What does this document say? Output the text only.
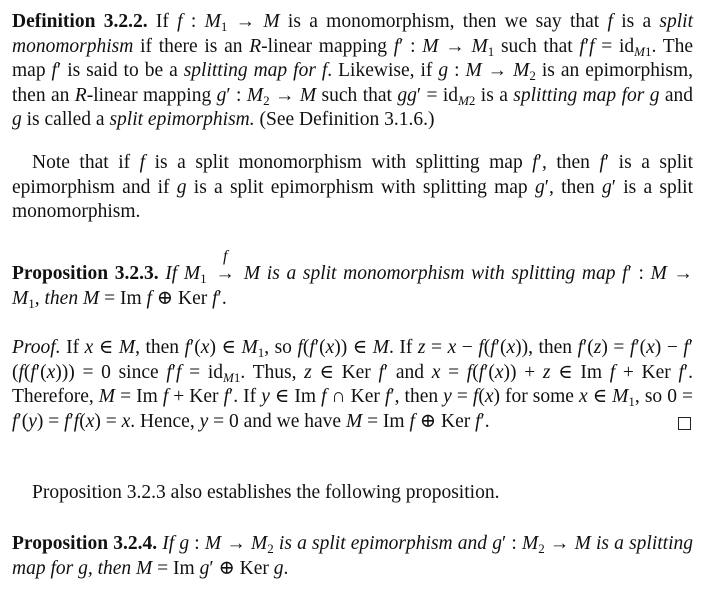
Definition 3.2.2. If f : $M_1 \to M$ is a monomorphism, then we say that f is a split monomorphism if there is an R-linear mapping f′ : $M \to M_1$ such that $f'f = id_{M1}$. The map f′ is said to be a splitting map for f. Likewise, if g : $M \to M_2$ is an epimorphism, then an R-linear mapping g′ : $M_2 \to M$ such that $gg' = id_{M2}$ is a splitting map for g and g is called a split epimorphism. (See Definition 3.1.6.)

Note that if f is a split monomorphism with splitting map f′, then f′ is a split epimorphism and if g is a split epimorphism with splitting map g′, then g′ is a split monomorphism.

Proposition 3.2.3. If $M_1$
f
→ M is a split monomorphism with splitting map f′ : $M \to M_1$, then M = Im f ⊕ Ker f′.

Proof. If x ∈ M, then f′(x) ∈ $M_1$, so f(f′(x)) ∈ M. If z = x − f(f′(x)), then f′(z) = f′(x) − f′(f(f′(x))) = 0 since $f'f = id_{M1}$. Thus, z ∈ Ker f′ and x = f(f′(x)) + z ∈ Im f + Ker f′. Therefore, M = Im f + Ker f′. If y ∈ Im f ∩ Ker f′, then y = f(x) for some x ∈ $M_1$, so 0 = f′(y) = f′f(x) = x. Hence, y = 0 and we have M = Im f ⊕ Ker f′.

Proposition 3.2.3 also establishes the following proposition.

Proposition 3.2.4. If g : $M \to M_2$ is a split epimorphism and g′ : $M_2 \to M$ is a splitting map for g, then M = Im g′ ⊕ Ker g.
